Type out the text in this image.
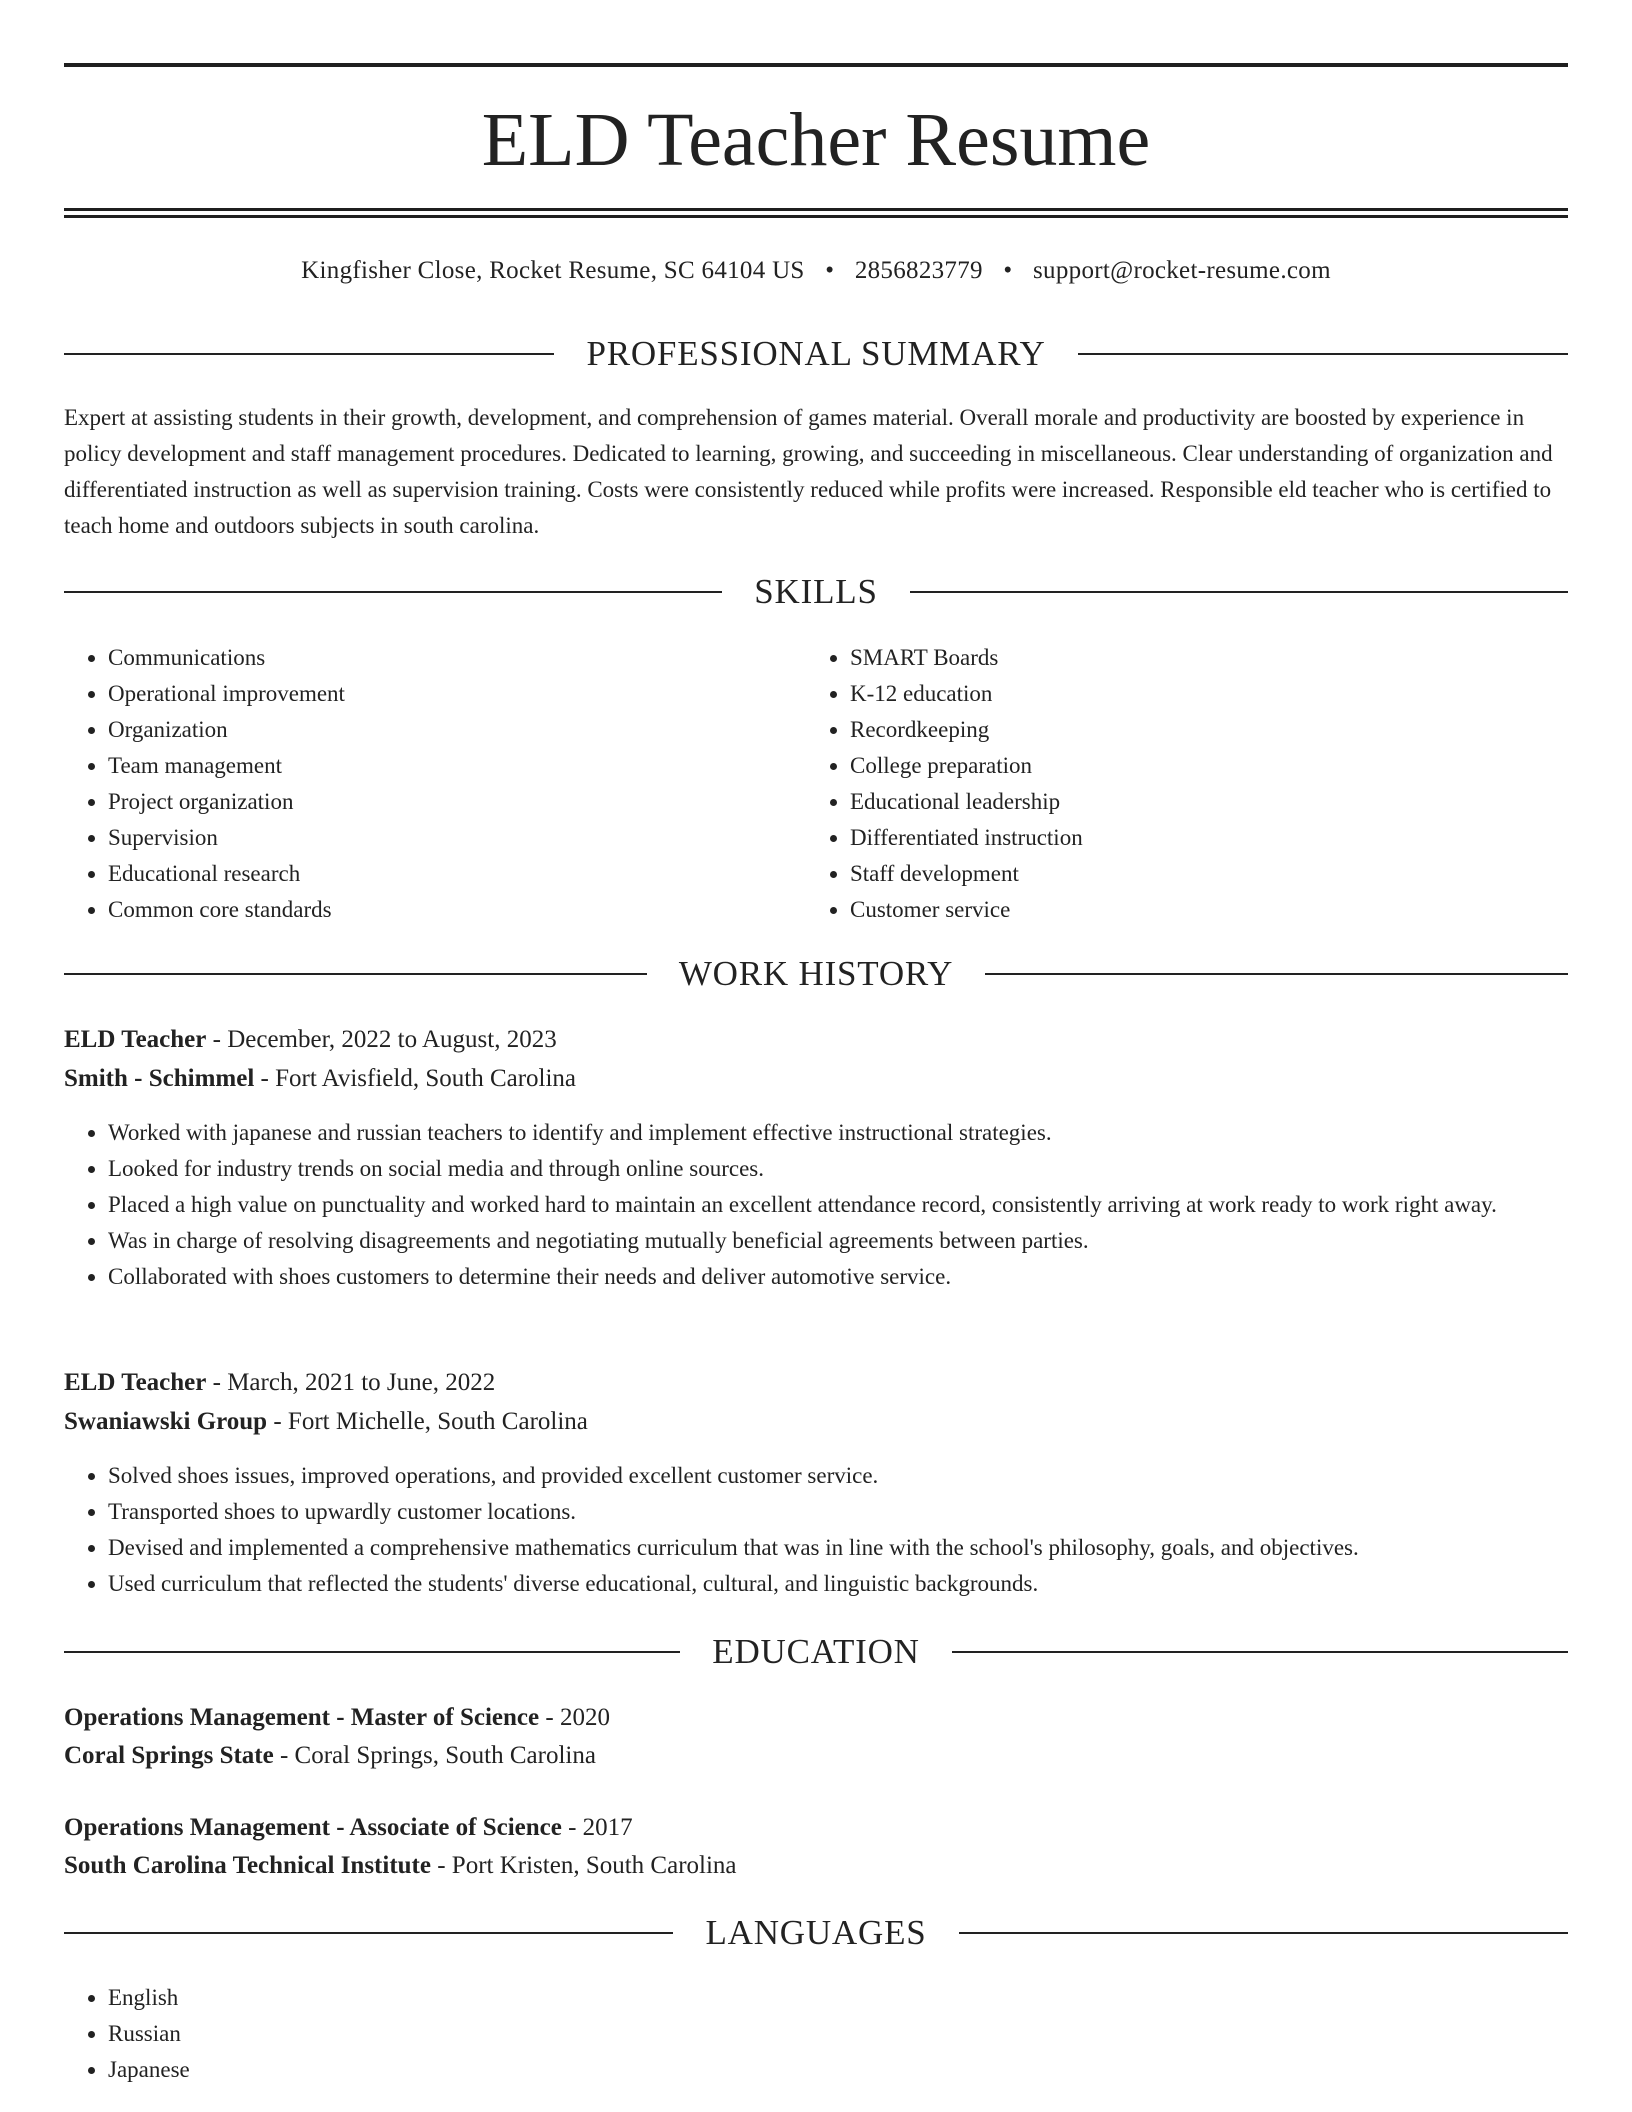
ELD Teacher Resume
Kingfisher Close, Rocket Resume, SC 64104 US • 2856823779 • support@rocket-resume.com
PROFESSIONAL SUMMARY

Expert at assisting students in their growth, development, and comprehension of games material. Overall morale and productivity are boosted by experience in policy development and staff management procedures. Dedicated to learning, growing, and succeeding in miscellaneous. Clear understanding of organization and differentiated instruction as well as supervision training. Costs were consistently reduced while profits were increased. Responsible eld teacher who is certified to teach home and outdoors subjects in south carolina.

SKILLS
• Communications
• Operational improvement
• Organization
• Team management
• Project organization
• Supervision
• Educational research
• Common core standards
• SMART Boards
• K-12 education
• Recordkeeping
• College preparation
• Educational leadership
• Differentiated instruction
• Staff development
• Customer service
WORK HISTORY
ELD Teacher - December, 2022 to August, 2023
Smith - Schimmel - Fort Avisfield, South Carolina
• Worked with japanese and russian teachers to identify and implement effective instructional strategies.
• Looked for industry trends on social media and through online sources.
• Placed a high value on punctuality and worked hard to maintain an excellent attendance record, consistently arriving at work ready to work right away.
• Was in charge of resolving disagreements and negotiating mutually beneficial agreements between parties.
• Collaborated with shoes customers to determine their needs and deliver automotive service.
ELD Teacher - March, 2021 to June, 2022
Swaniawski Group - Fort Michelle, South Carolina
• Solved shoes issues, improved operations, and provided excellent customer service.
• Transported shoes to upwardly customer locations.
• Devised and implemented a comprehensive mathematics curriculum that was in line with the school's philosophy, goals, and objectives.
• Used curriculum that reflected the students' diverse educational, cultural, and linguistic backgrounds.
EDUCATION
Operations Management - Master of Science - 2020
Coral Springs State - Coral Springs, South Carolina
Operations Management - Associate of Science - 2017
South Carolina Technical Institute - Port Kristen, South Carolina
LANGUAGES
• English
• Russian
• Japanese
